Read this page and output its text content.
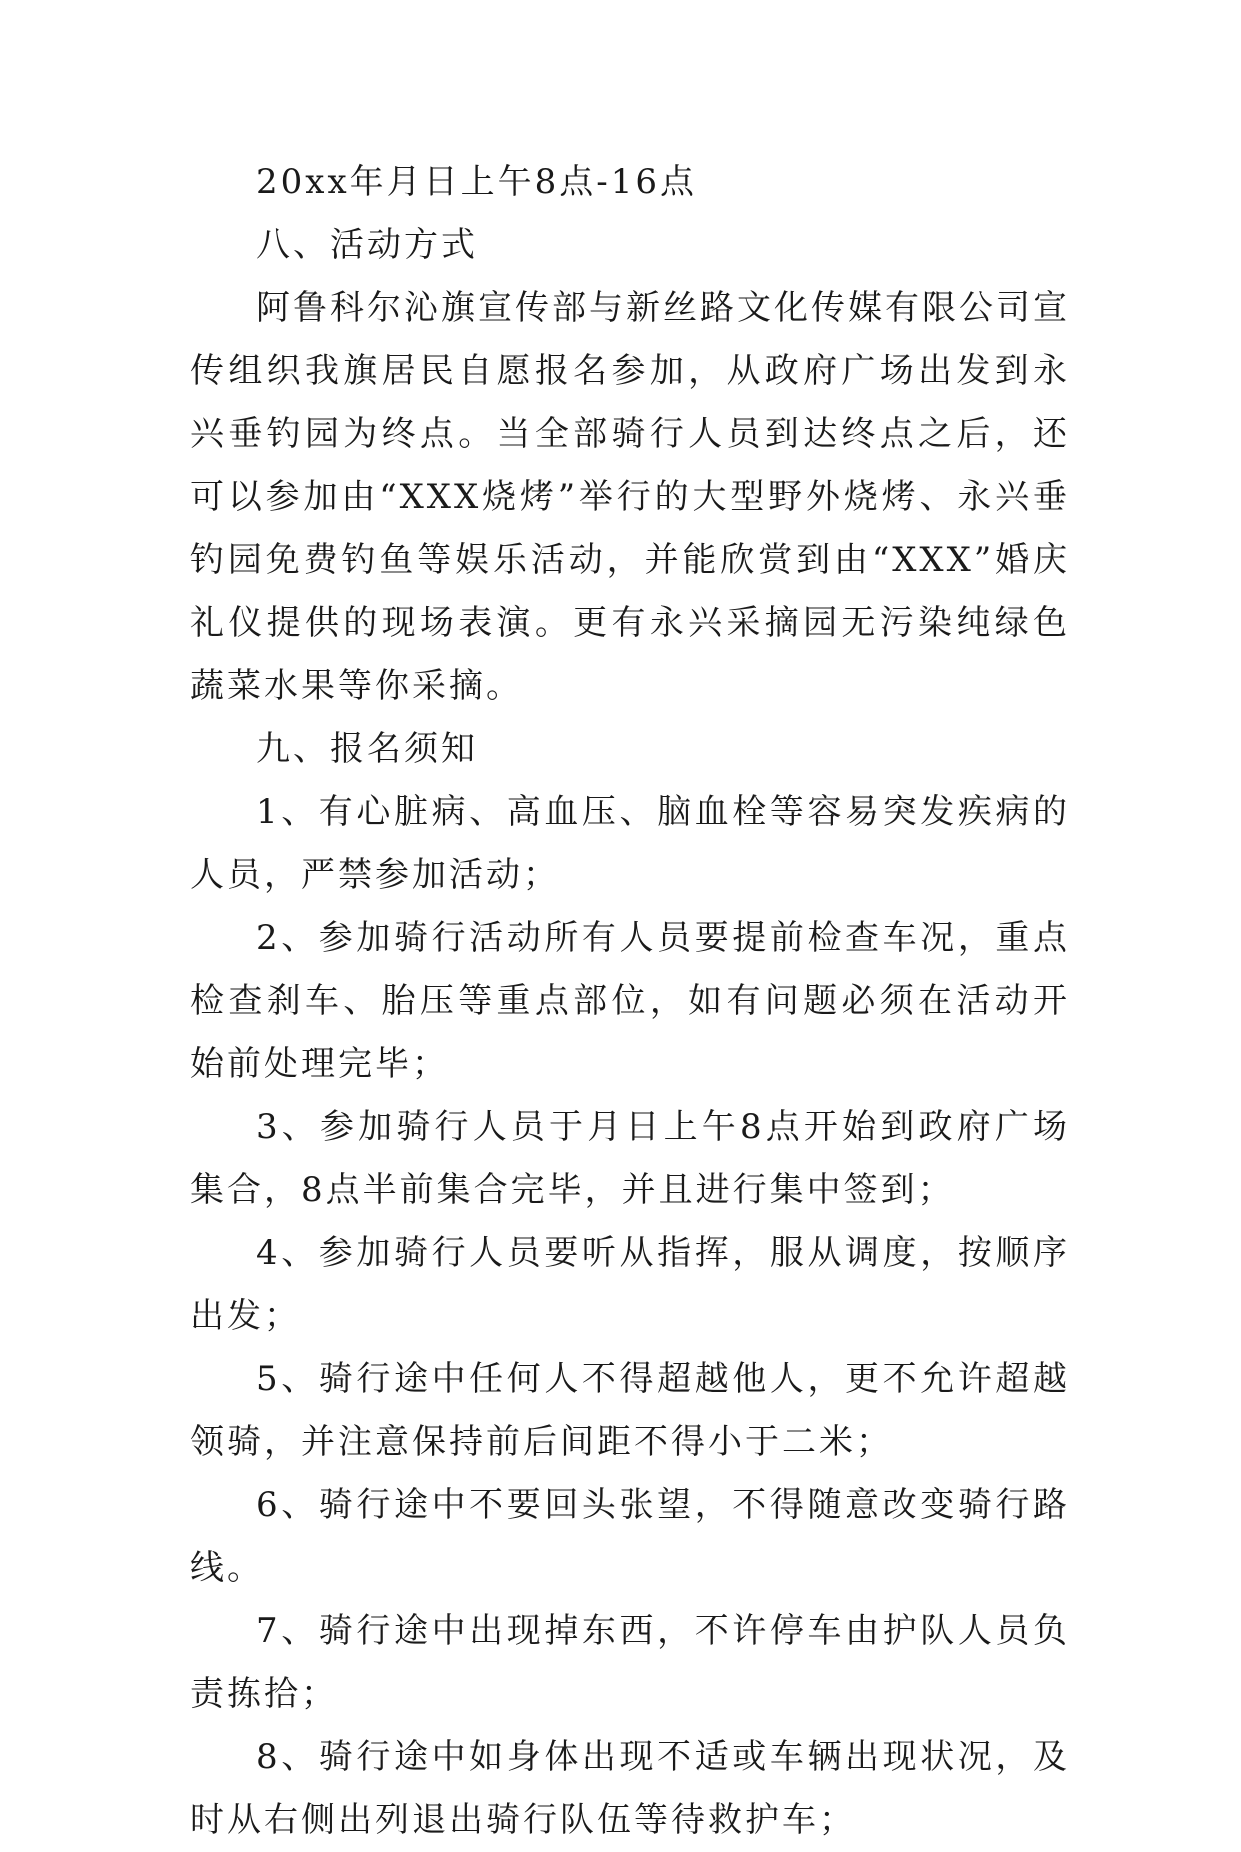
20xx年月日上午8点-16点

八、活动方式

阿鲁科尔沁旗宣传部与新丝路文化传媒有限公司宣传组织我旗居民自愿报名参加，从政府广场出发到永兴垂钓园为终点。当全部骑行人员到达终点之后，还可以参加由“XXX烧烤”举行的大型野外烧烤、永兴垂钓园免费钓鱼等娱乐活动，并能欣赏到由“XXX”婚庆礼仪提供的现场表演。更有永兴采摘园无污染纯绿色蔬菜水果等你采摘。

九、报名须知

1、有心脏病、高血压、脑血栓等容易突发疾病的人员，严禁参加活动；

2、参加骑行活动所有人员要提前检查车况，重点检查刹车、胎压等重点部位，如有问题必须在活动开始前处理完毕；

3、参加骑行人员于月日上午8点开始到政府广场集合，8点半前集合完毕，并且进行集中签到；

4、参加骑行人员要听从指挥，服从调度，按顺序出发；

5、骑行途中任何人不得超越他人，更不允许超越领骑，并注意保持前后间距不得小于二米；

6、骑行途中不要回头张望，不得随意改变骑行路线。

7、骑行途中出现掉东西，不许停车由护队人员负责拣拾；

8、骑行途中如身体出现不适或车辆出现状况，及时从右侧出列退出骑行队伍等待救护车；
